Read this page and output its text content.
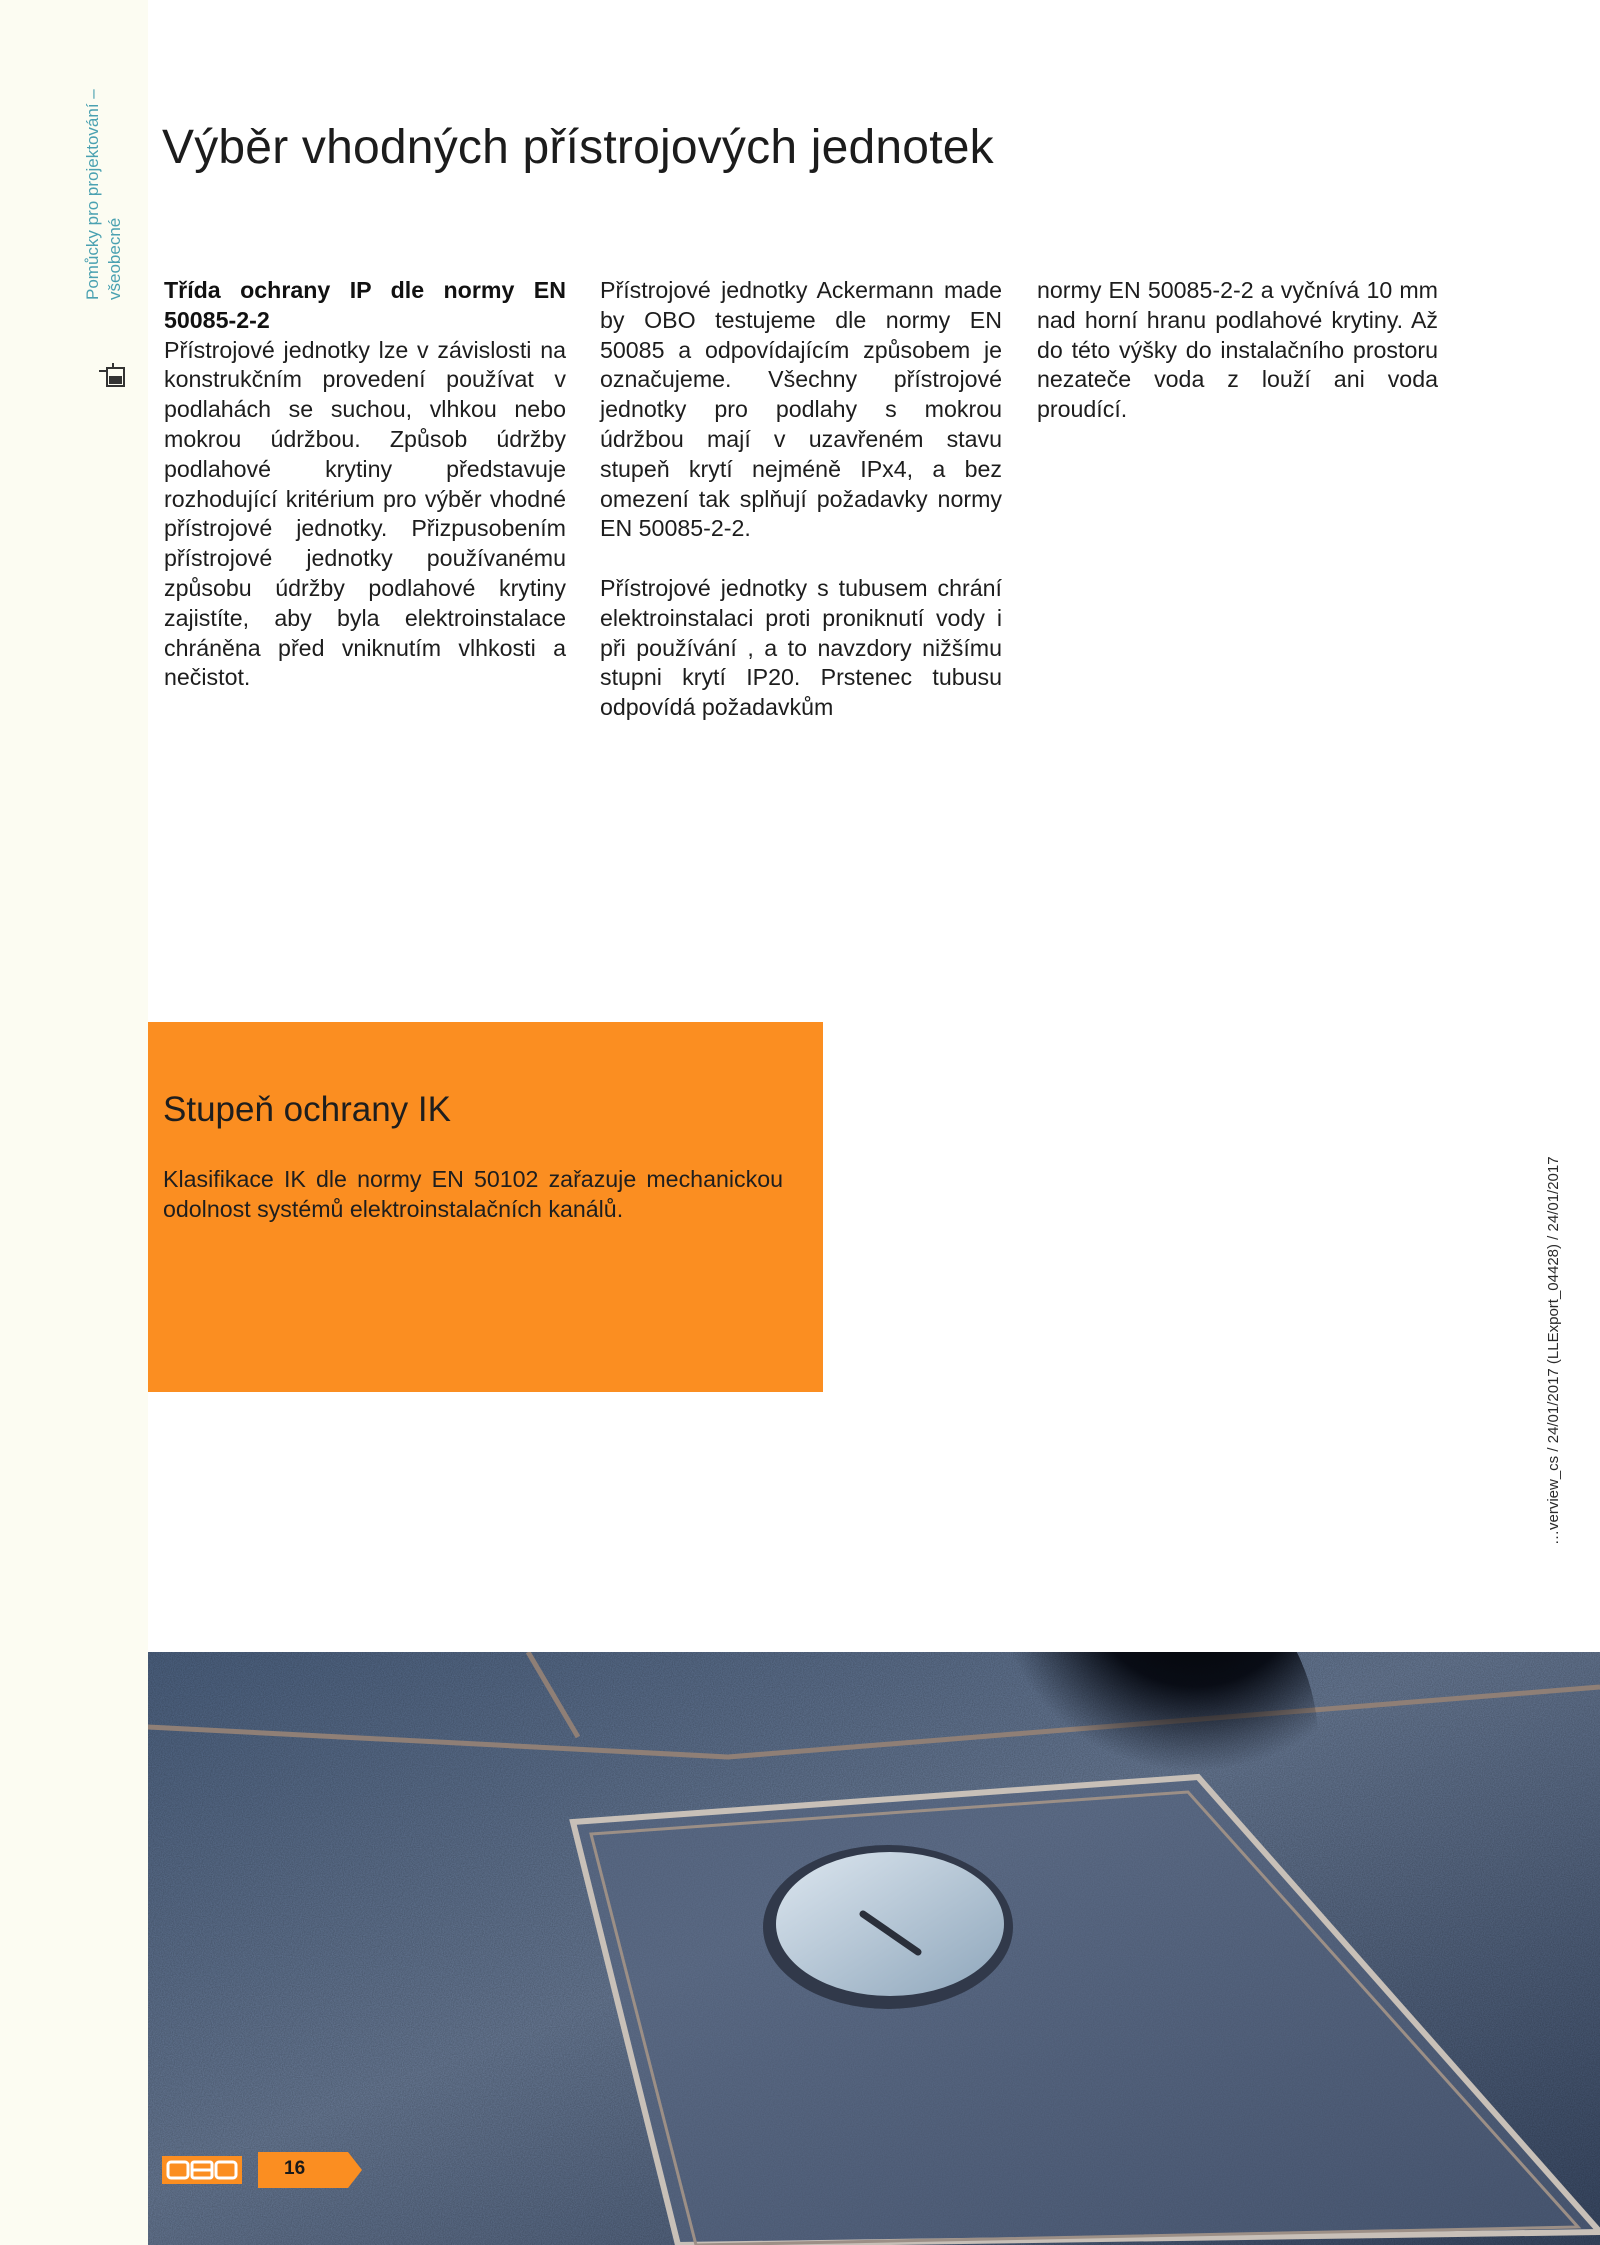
Pomůcky pro projektování – všeobecné
Výběr vhodných přístrojových jednotek

Třída ochrany IP dle normy EN 50085-2-2

Přístrojové jednotky lze v závislosti na konstrukčním provedení používat v podlahách se suchou, vlhkou nebo mokrou údržbou. Způsob údržby podlahové krytiny představuje rozhodující kritérium pro výběr vhodné přístrojové jednotky. Přizpusobením přístrojové jednotky používanému způsobu údržby podlahové krytiny zajistíte, aby byla elektroinstalace chráněna před vniknutím vlhkosti a nečistot.

Přístrojové jednotky Ackermann made by OBO testujeme dle normy EN 50085 a odpovídajícím způsobem je označujeme. Všechny přístrojové jednotky pro podlahy s mokrou údržbou mají v uzavřeném stavu stupeň krytí nejméně IPx4, a bez omezení tak splňují požadavky normy EN 50085-2-2.

Přístrojové jednotky s tubusem chrání elektroinstalaci proti proniknutí vody i při používání , a to navzdory nižšímu stupni krytí IP20. Prstenec tubusu odpovídá požadavkům

normy EN 50085-2-2 a vyčnívá 10 mm nad horní hranu podlahové krytiny. Až do této výšky do instalačního prostoru nezateče voda z louží ani voda proudící.

Stupeň ochrany IK
Klasifikace IK dle normy EN 50102 zařazuje mechanickou odolnost systémů elektroinstalačních kanálů.
16
…verview_cs / 24/01/2017 (LLExport_04428) / 24/01/2017
